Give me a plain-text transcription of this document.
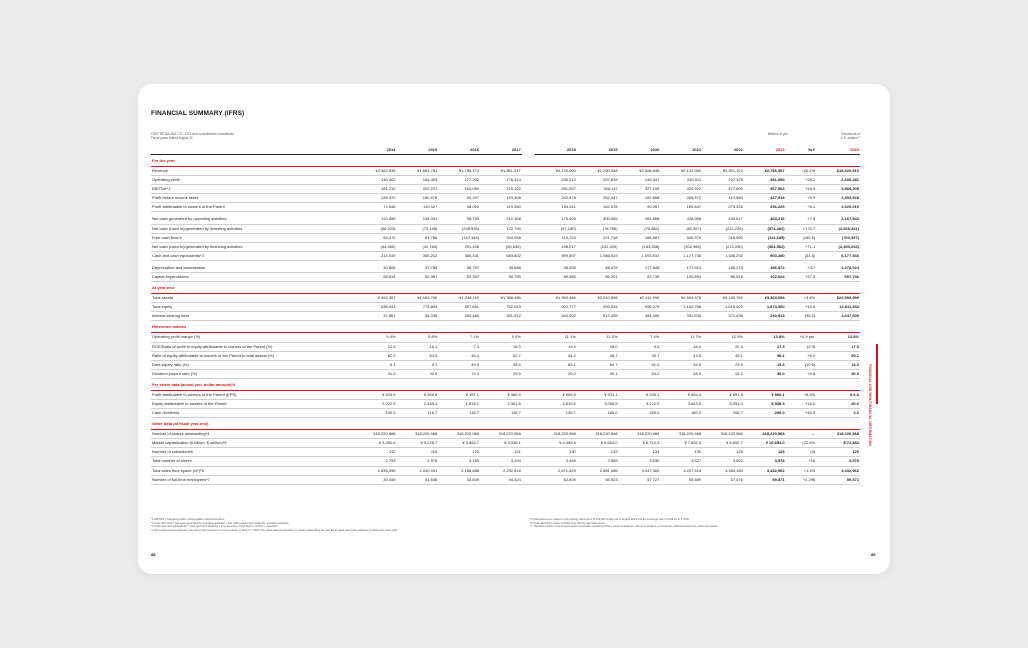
FINANCIAL SUMMARY (IFRS)
FAST RETAILING CO., LTD. and consolidated subsidiaries
Fiscal years ended August 31
Millions of yen	Thousands of
U.S. dollars*7
	2014	2015	2016	2017		2018	2019	2020	2021	2022	2023	YoY	2023
For the year													
Revenue	¥1,382,935	¥1,681,781	¥1,786,473	¥1,861,917		¥2,130,060	¥2,290,548	¥2,008,846	¥2,132,992	¥2,301,122	¥2,766,557	+20.2%	$18,920,510
Operating profit	130,402	164,463	127,292	176,414		236,212	257,636	149,347	249,011	297,325	381,090	+28.2	2,606,281
EBITDA*1	161,210	202,221	164,089	216,102		281,267	306,112	327,195	429,922	477,600	567,963	+18.9	3,884,305
Profit before income taxes	135,470	180,676	90,237	193,398		242,678	252,447	152,868	265,872	413,584	437,918	+5.9	2,994,928
Profit attributable to owners of the Parent	74,546	110,027	48,052	119,280		154,811	162,578	90,357	169,847	273,335	296,229	+8.4	2,025,919

Net cash generated by operating activities	110,595	134,931	98,755	212,168		176,403	300,505	264,868	428,968	430,617	463,216	+7.5	3,167,943
Net cash (used in)/generated by investing activities	(56,323)	(73,145)	(245,939)	122,790		(57,180)	(78,756)	(75,881)	(82,597)	(212,226)	(574,402)	+170.7	(3,928,341)
Free cash flow*2	54,272	61,786	(147,184)	334,958		119,223	221,748	188,887	346,370	218,590	(111,185)	(150.9)	(760,397)
Net cash (used in)/generated by financing activities	(44,060)	(41,784)	201,428	(50,836)		198,217	(102,429)	(183,268)	(302,985)	(213,050)	(364,562)	+71.1	(2,493,243)
Cash and cash equivalents*3	314,049	355,212	385,431	683,802		999,697	1,086,519	1,093,531	1,177,736	1,358,292	903,280	(33.5)	6,177,546

Depreciation and amortization	30,808	37,758	36,797	39,688		45,055	48,476	177,848	177,910	180,275	186,872	+3.7	1,278,024
Capital expenditures	58,814	62,461	52,387	59,755		69,380	85,201	82,736	100,653	86,516	102,024	+17.9	697,746
At year-end													
Total assets	¥ 992,307	¥1,163,706	¥1,238,119	¥1,388,486		¥1,953,466	¥2,010,558	¥2,411,990	¥2,509,976	¥3,183,762	¥3,303,694	+3.8%	$22,593,999
Total equity	636,041	774,804	597,661	762,043		902,777	993,534	996,079	1,162,298	1,615,402	1,873,360	+16.0	12,811,933
Interest-bearing debt	37,561	38,035	283,465	281,512		544,502	513,405	484,496	392,634	371,496	240,913	(35.2)	1,647,609
Reference indices													
Operating profit margin (%)	9.4%	9.8%	7.1%	9.5%		11.1%	11.2%	7.4%	11.7%	12.9%	13.8%	+0.9 pts.	13.8%
ROE/Ratio of profit to equity attributable to owners of the Parent (%)	12.5	16.1	7.3	18.3		19.4	18.0	9.5	16.4	20.4	17.5	(2.9)	17.5
Ratio of equity attributable to owners of the Parent to total assets (%)	62.3	64.5	46.4	52.7		44.2	46.7	39.7	44.5	49.1	55.1	+6.0	55.1
Debt-equity ratio (%)	6.1	5.1	49.3	38.5		63.1	54.7	51.0	34.5	23.9	13.3	(10.6)	13.3
Dividend payout ratio (%)	41.0	32.4	74.3	29.9		29.0	30.1	54.2	28.9	23.2	30.0	+6.8	30.0
Per share data (actual yen, dollar amount)*4													
Profit attributable to owners of the Parent (EPS)	¥ 243.9	¥ 359.8	¥ 157.1	¥ 389.9		¥ 505.9	¥ 531.1	¥ 295.1	¥ 554.4	¥ 891.8	¥ 966.1	+8.3%	$ 6.6
Equity attributable to owners of the Parent	2,022.5	2,455.4	1,878.1	2,361.8		2,819.5	3,065.5	3,122.9	3,643.5	5,094.0	5,939.3	+16.6	40.6
Cash dividends	100.0	116.7	116.7	116.7		146.7	160.0	160.0	160.0	206.7	290.0	+40.3	2.0
Other data (at fiscal year-end)													
Number of shares outstanding*4	318,220,968	318,220,968	318,220,968	318,220,968		318,220,968	318,220,968	318,220,968	318,220,968	318,220,968	318,220,968	—	318,220,968
Market capitalization (¥ billion, $ million)*5	¥ 3,452.6	¥ 5,225.7	¥ 3,854.7	¥ 3,338.1		¥ 5,495.6	¥ 6,602.0	¥ 6,712.3	¥ 7,692.5	¥ 8,692.7	¥ 10,654.0	+22.6%	$ 72,883
Number of subsidiaries	112	119	120	121		130	133	134	130	128	125	(3)	125
Total number of stores	2,753	2,978	3,160	3,294		3,445	3,589	3,630	3,527	3,562	3,578	+16	3,578
Total sales floor space (m²)*6	1,835,095	2,030,031	2,188,688	2,292,618		2,671,629	2,881,485	3,047,360	3,207,524	3,384,189	3,432,962	+1.4%	3,432,962
Number of full-time employees*7	30,448	41,646	43,639	44,424		52,839	56,523	57,727	55,589	57,576	59,871	+2,295	59,871
*1 EBITDA = Operating profit + Depreciation and amortization.
*2 Free cash flow = Net cash generated by operating activities + Net cash (used in)/generated by investing activities
*3 Cash and cash equivalents = cash and bank deposits + time deposits of less than 3 months + securities
*4 We implemented a three-for-one split of the company's common stock on March 1, 2023. Per share data and Number of shares outstanding for past fiscal years have been adjusted to reflect this stock split.
*5 Calculations are based on the closing share price of ¥33,480 at the end of August 2023 and an exchange rate of ¥146.22 to 1 USD.
*6 Total sales floor space includes only directly operated stores.
*7 The total number of employees does not include operating officers, junior employees, part-time workers, or temporary staff seconded from other companies.
FINANCIAL AND NON-FINANCIAL INFORMATION
88	89
